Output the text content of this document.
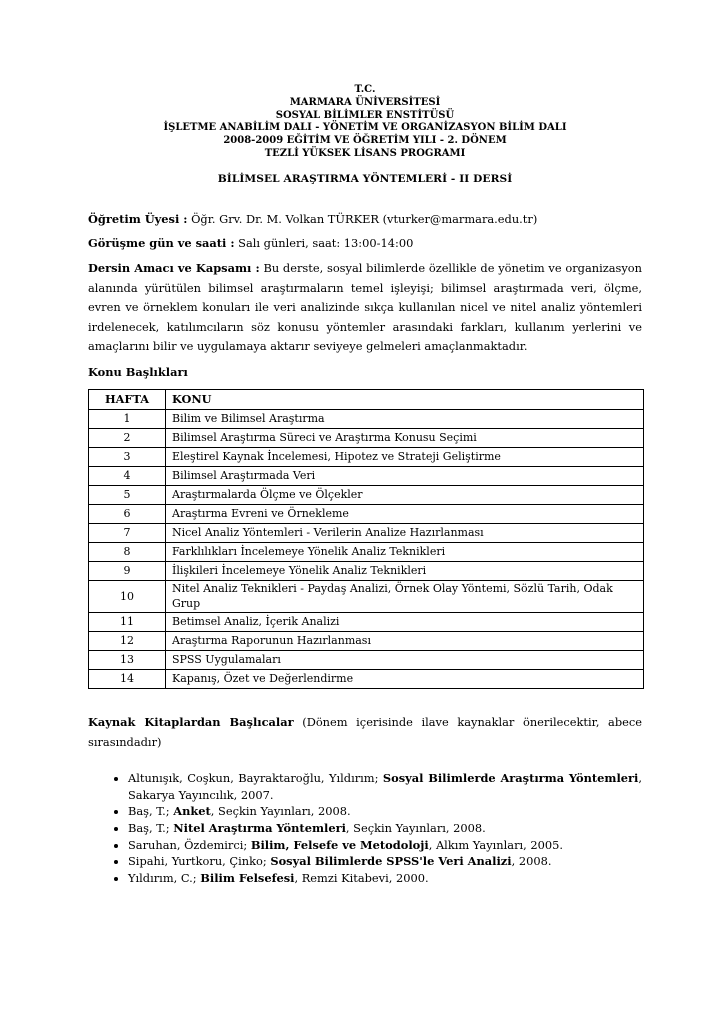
T.C.
MARMARA ÜNİVERSİTESİ
SOSYAL BİLİMLER ENSTİTÜSÜ
İŞLETME ANABİLİM DALI - YÖNETİM VE ORGANİZASYON BİLİM DALI
2008-2009 EĞİTİM VE ÖĞRETİM YILI - 2. DÖNEM
TEZLİ YÜKSEK LİSANS PROGRAMI
BİLİMSEL ARAŞTIRMA YÖNTEMLERİ - II DERSİ
Öğretim Üyesi : Öğr. Grv. Dr. M. Volkan TÜRKER (vturker@marmara.edu.tr)
Görüşme gün ve saati : Salı günleri, saat: 13:00-14:00
Dersin Amacı ve Kapsamı : Bu derste, sosyal bilimlerde özellikle de yönetim ve organizasyon alanında yürütülen bilimsel araştırmaların temel işleyişi; bilimsel araştırmada veri, ölçme, evren ve örneklem konuları ile veri analizinde sıkça kullanılan nicel ve nitel analiz yöntemleri irdelenecek, katılımcıların söz konusu yöntemler arasındaki farkları, kullanım yerlerini ve amaçlarını bilir ve uygulamaya aktarır seviyeye gelmeleri amaçlanmaktadır.
Konu Başlıkları
HAFTA	KONU
1	Bilim ve Bilimsel Araştırma
2	Bilimsel Araştırma Süreci ve Araştırma Konusu Seçimi
3	Eleştirel Kaynak İncelemesi, Hipotez ve Strateji Geliştirme
4	Bilimsel Araştırmada Veri
5	Araştırmalarda Ölçme ve Ölçekler
6	Araştırma Evreni ve Örnekleme
7	Nicel Analiz Yöntemleri - Verilerin Analize Hazırlanması
8	Farklılıkları İncelemeye Yönelik Analiz Teknikleri
9	İlişkileri İncelemeye Yönelik Analiz Teknikleri
10	Nitel Analiz Teknikleri - Paydaş Analizi, Örnek Olay Yöntemi, Sözlü Tarih, Odak Grup
11	Betimsel Analiz, İçerik Analizi
12	Araştırma Raporunun Hazırlanması
13	SPSS Uygulamaları
14	Kapanış, Özet ve Değerlendirme
Kaynak Kitaplardan Başlıcalar (Dönem içerisinde ilave kaynaklar önerilecektir, abece sırasındadır)
• Altunışık, Coşkun, Bayraktaroğlu, Yıldırım; Sosyal Bilimlerde Araştırma Yöntemleri, Sakarya Yayıncılık, 2007.
• Baş, T.; Anket, Seçkin Yayınları, 2008.
• Baş, T.; Nitel Araştırma Yöntemleri, Seçkin Yayınları, 2008.
• Saruhan, Özdemirci; Bilim, Felsefe ve Metodoloji, Alkım Yayınları, 2005.
• Sipahi, Yurtkoru, Çinko; Sosyal Bilimlerde SPSS'le Veri Analizi, 2008.
• Yıldırım, C.; Bilim Felsefesi, Remzi Kitabevi, 2000.
